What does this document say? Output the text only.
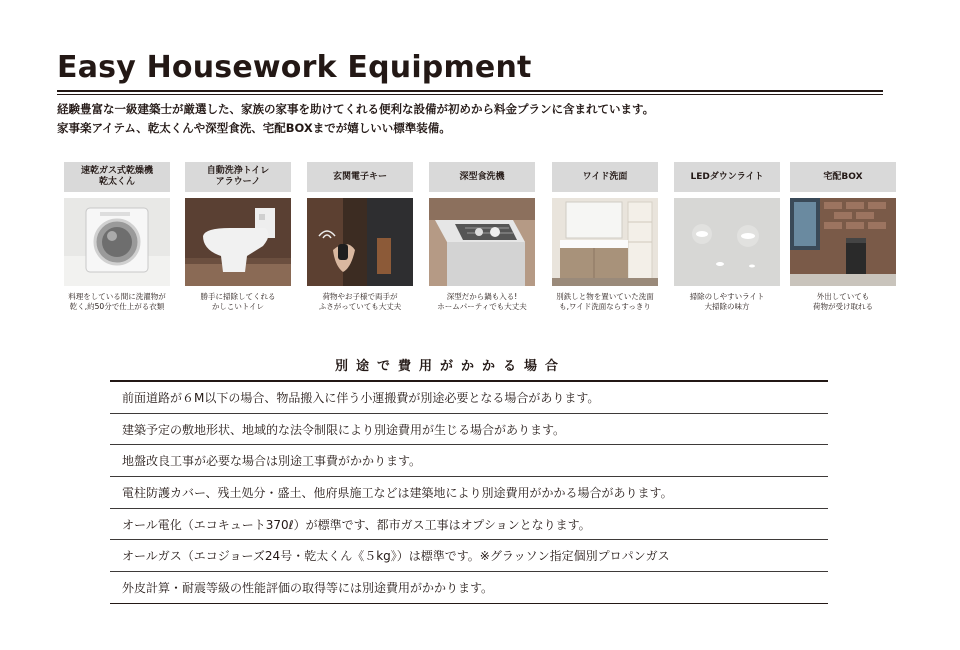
Easy Housework Equipment

経験豊富な一級建築士が厳選した、家族の家事を助けてくれる便利な設備が初めから料金プランに含まれています。

家事楽アイテム、乾太くんや深型食洗、宅配BOXまでが嬉しいい標準装備。

速乾ガス式乾燥機
乾太くん
料理をしている間に洗濯物が
乾く,約50分で仕上がる衣類
自動洗浄トイレ
アラウーノ
勝手に掃除してくれる
かしこいトイレ
玄関電子キー
荷物やお子様で両手が
ふさがっていても大丈夫
深型食洗機
深型だから鍋も入る!
ホームパーティでも大丈夫
ワイド洗面
別鉄しと物を置いていた洗面
も,ワイド洗面ならすっきり
LEDダウンライト
掃除のしやすいライト
大掃除の味方
宅配BOX
外出していても
荷物が受け取れる
別途で費用がかかる場合
前面道路が６M以下の場合、物品搬入に伴う小運搬費が別途必要となる場合があります。
建築予定の敷地形状、地域的な法令制限により別途費用が生じる場合があります。
地盤改良工事が必要な場合は別途工事費がかかります。
電柱防護カバー、残土処分・盛土、他府県施工などは建築地により別途費用がかかる場合があります。
オール電化（エコキュート370ℓ）が標準です、都市ガス工事はオプションとなります。
オールガス（エコジョーズ24号・乾太くん《５kg》）は標準です。※グラッソン指定個別プロパンガス
外皮計算・耐震等級の性能評価の取得等には別途費用がかかります。
